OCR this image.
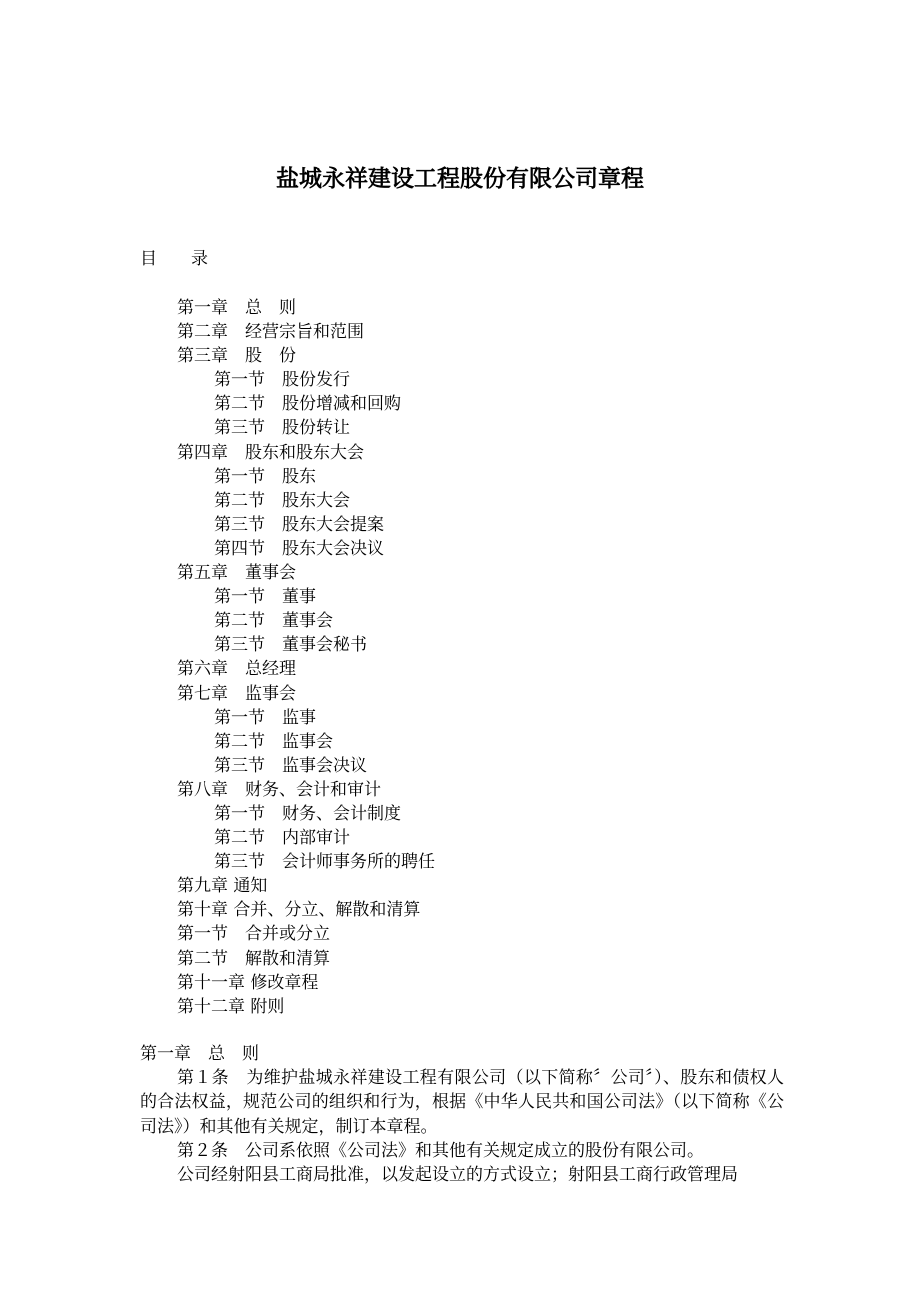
盐城永祥建设工程股份有限公司章程
目　　录
第一章　总　则
第二章　经营宗旨和范围
第三章　股　份
第一节　股份发行
第二节　股份增减和回购
第三节　股份转让
第四章　股东和股东大会
第一节　股东
第二节　股东大会
第三节　股东大会提案
第四节　股东大会决议
第五章　董事会
第一节　董事
第二节　董事会
第三节　董事会秘书
第六章　总经理
第七章　监事会
第一节　监事
第二节　监事会
第三节　监事会决议
第八章　财务、会计和审计
第一节　财务、会计制度
第二节　内部审计
第三节　会计师事务所的聘任
第九章 通知
第十章 合并、分立、解散和清算
第一节　合并或分立
第二节　解散和清算
第十一章 修改章程
第十二章 附则

第一章　总　则

第１条　为维护盐城永祥建设工程有限公司（以下简称〞公司〞）、股东和债权人的合法权益，规范公司的组织和行为，根据《中华人民共和国公司法》（以下简称《公司法》）和其他有关规定，制订本章程。

第２条　公司系依照《公司法》和其他有关规定成立的股份有限公司。

公司经射阳县工商局批准，以发起设立的方式设立；射阳县工商行政管理局
